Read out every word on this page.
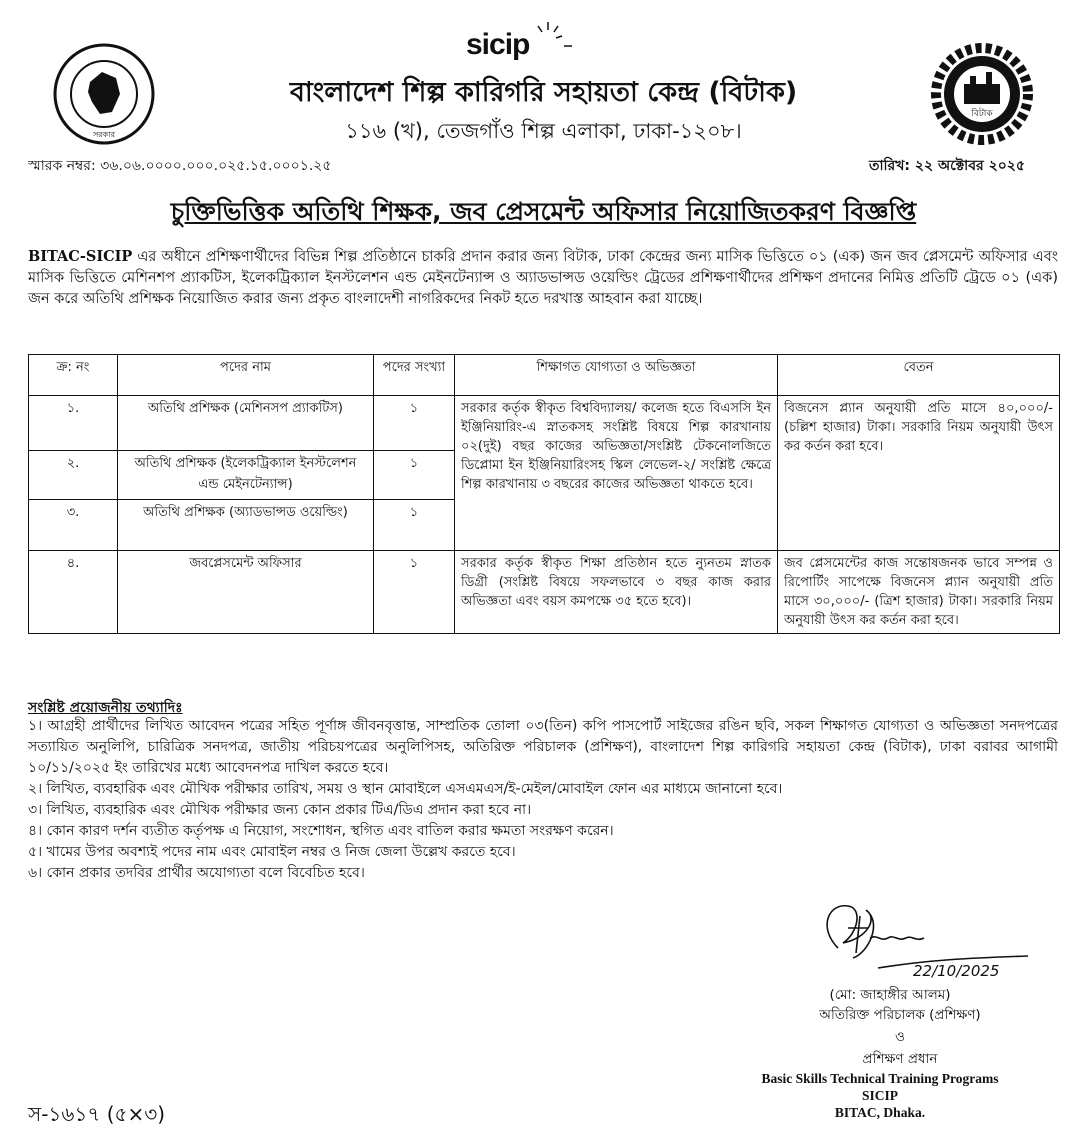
সরকার
sicip
বিটাক
বাংলাদেশ শিল্প কারিগরি সহায়তা কেন্দ্র (বিটাক)
১১৬ (খ), তেজগাঁও শিল্প এলাকা, ঢাকা-১২০৮।
স্মারক নম্বর: ৩৬.০৬.০০০০.০০০.০২৫.১৫.০০০১.২৫	তারিখ: ২২ অক্টোবর ২০২৫
চুক্তিভিত্তিক অতিথি শিক্ষক, জব প্রেসমেন্ট অফিসার নিয়োজিতকরণ বিজ্ঞপ্তি
BITAC-SICIP এর অধীনে প্রশিক্ষণার্থীদের বিভিন্ন শিল্প প্রতিষ্ঠানে চাকরি প্রদান করার জন্য বিটাক, ঢাকা কেন্দ্রের জন্য মাসিক ভিত্তিতে ০১ (এক) জন জব প্লেসমেন্ট অফিসার এবং মাসিক ভিত্তিতে মেশিনশপ প্র্যাকটিস, ইলেকট্রিক্যাল ইনস্টলেশন এন্ড মেইনটেন্যান্স ও অ্যাডভান্সড ওয়েল্ডিং ট্রেডের প্রশিক্ষণার্থীদের প্রশিক্ষণ প্রদানের নিমিত্ত প্রতিটি ট্রেডে ০১ (এক) জন করে অতিথি প্রশিক্ষক নিয়োজিত করার জন্য প্রকৃত বাংলাদেশী নাগরিকদের নিকট হতে দরখাস্ত আহবান করা যাচ্ছে।
ক্র: নং	পদের নাম	পদের সংখ্যা	শিক্ষাগত যোগ্যতা ও অভিজ্ঞতা	বেতন
১.	অতিথি প্রশিক্ষক (মেশিনসপ প্র্যাকটিস)	১	সরকার কর্তৃক স্বীকৃত বিশ্ববিদ্যালয়/ কলেজ হতে বিএসসি ইন ইঞ্জিনিয়ারিং-এ স্নাতকসহ সংশ্লিষ্ট বিষয়ে শিল্প কারখানায় ০২(দুই) বছর কাজের অভিজ্ঞতা/সংশ্লিষ্ট টেকনোলজিতে ডিপ্লোমা ইন ইঞ্জিনিয়ারিংসহ স্কিল লেভেল-২/ সংশ্লিষ্ট ক্ষেত্রে শিল্প কারখানায় ৩ বছরের কাজের অভিজ্ঞতা থাকতে হবে।	বিজনেস প্ল্যান অনুযায়ী প্রতি মাসে ৪০,০০০/- (চল্লিশ হাজার) টাকা। সরকারি নিয়ম অনুযায়ী উৎস কর কর্তন করা হবে।
২.	অতিথি প্রশিক্ষক (ইলেকট্রিক্যাল ইনস্টলেশন এন্ড মেইনটেন্যান্স)	১		
৩.	অতিথি প্রশিক্ষক (অ্যাডভান্সড ওয়েল্ডিং)	১		
৪.	জবপ্লেসমেন্ট অফিসার	১	সরকার কর্তৃক স্বীকৃত শিক্ষা প্রতিষ্ঠান হতে ন্যুনতম স্নাতক ডিগ্রী (সংশ্লিষ্ট বিষয়ে সফলভাবে ৩ বছর কাজ করার অভিজ্ঞতা এবং বয়স কমপক্ষে ৩৫ হতে হবে)।	জব প্লেসমেন্টের কাজ সন্তোষজনক ভাবে সম্পন্ন ও রিপোর্টিং সাপেক্ষে বিজনেস প্ল্যান অনুযায়ী প্রতি মাসে ৩০,০০০/- (ত্রিশ হাজার) টাকা। সরকারি নিয়ম অনুযায়ী উৎস কর কর্তন করা হবে।
সংশ্লিষ্ট প্রয়োজনীয় তথ্যাদিঃ
১। আগ্রহী প্রার্থীদের লিখিত আবেদন পত্রের সহিত পূর্ণাঙ্গ জীবনবৃত্তান্ত, সাম্প্রতিক তোলা ০৩(তিন) কপি পাসপোর্ট সাইজের রঙিন ছবি, সকল শিক্ষাগত যোগ্যতা ও অভিজ্ঞতা সনদপত্রের সত্যায়িত অনুলিপি, চারিত্রিক সনদপত্র, জাতীয় পরিচয়পত্রের অনুলিপিসহ, অতিরিক্ত পরিচালক (প্রশিক্ষণ), বাংলাদেশ শিল্প কারিগরি সহায়তা কেন্দ্র (বিটাক), ঢাকা বরাবর আগামী ১০/১১/২০২৫ ইং তারিখের মধ্যে আবেদনপত্র দাখিল করতে হবে।
২। লিখিত, ব্যবহারিক এবং মৌখিক পরীক্ষার তারিখ, সময় ও স্থান মোবাইলে এসএমএস/ই-মেইল/মোবাইল ফোন এর মাধ্যমে জানানো হবে।
৩। লিখিত, ব্যবহারিক এবং মৌখিক পরীক্ষার জন্য কোন প্রকার টিএ/ডিএ প্রদান করা হবে না।
৪। কোন কারণ দর্শন ব্যতীত কর্তৃপক্ষ এ নিয়োগ, সংশোধন, স্থগিত এবং বাতিল করার ক্ষমতা সংরক্ষণ করেন।
৫। খামের উপর অবশ্যই পদের নাম এবং মোবাইল নম্বর ও নিজ জেলা উল্লেখ করতে হবে।
৬। কোন প্রকার তদবির প্রার্থীর অযোগ্যতা বলে বিবেচিত হবে।
22/10/2025
(মো: জাহাঙ্গীর আলম)
অতিরিক্ত পরিচালক (প্রশিক্ষণ)
ও
প্রশিক্ষণ প্রধান
Basic Skills Technical Training Programs
SICIP
BITAC, Dhaka.
স-১৬১৭ (৫×৩)
